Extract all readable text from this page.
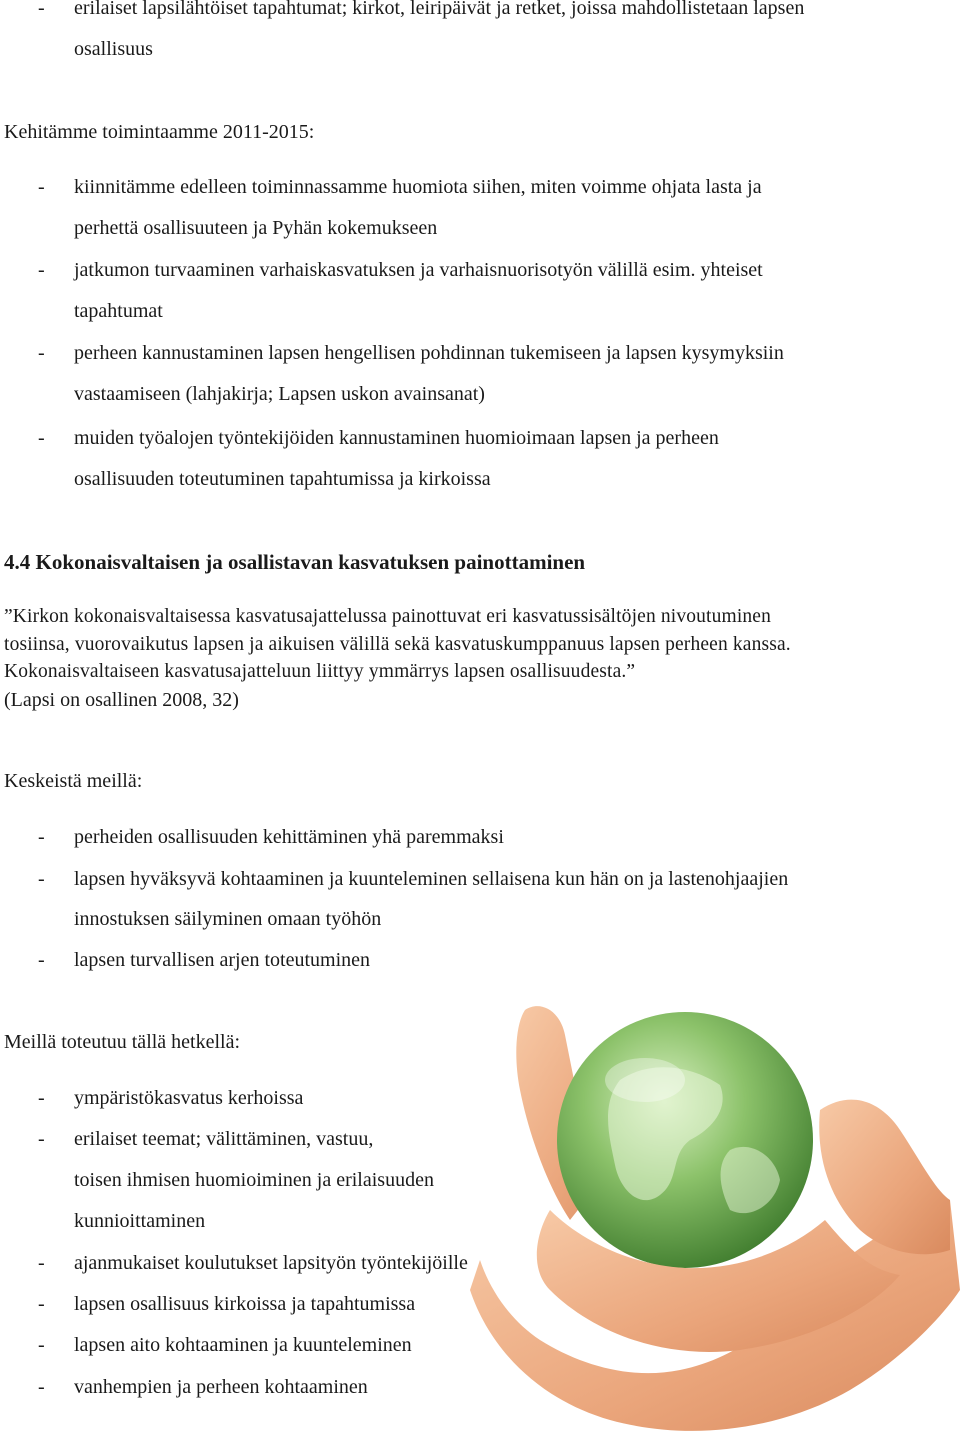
- erilaiset lapsilähtöiset tapahtumat; kirkot, leiripäivät ja retket, joissa mahdollistetaan lapsen
osallisuus
Kehitämme toimintaamme 2011-2015:
- kiinnitämme edelleen toiminnassamme huomiota siihen, miten voimme ohjata lasta ja
perhettä osallisuuteen ja Pyhän kokemukseen
- jatkumon turvaaminen varhaiskasvatuksen ja varhaisnuorisotyön välillä esim. yhteiset
tapahtumat
- perheen kannustaminen lapsen hengellisen pohdinnan tukemiseen ja lapsen kysymyksiin
vastaamiseen (lahjakirja; Lapsen uskon avainsanat)
- muiden työalojen työntekijöiden kannustaminen huomioimaan lapsen ja perheen
osallisuuden toteutuminen tapahtumissa ja kirkoissa
4.4 Kokonaisvaltaisen ja osallistavan kasvatuksen painottaminen
”Kirkon kokonaisvaltaisessa kasvatusajattelussa painottuvat eri kasvatussisältöjen nivoutuminen
tosiinsa, vuorovaikutus lapsen ja aikuisen välillä sekä kasvatuskumppanuus lapsen perheen kanssa.
Kokonaisvaltaiseen kasvatusajatteluun liittyy ymmärrys lapsen osallisuudesta.”
(Lapsi on osallinen 2008, 32)
Keskeistä meillä:
- perheiden osallisuuden kehittäminen yhä paremmaksi
- lapsen hyväksyvä kohtaaminen ja kuunteleminen sellaisena kun hän on ja lastenohjaajien
innostuksen säilyminen omaan työhön
- lapsen turvallisen arjen toteutuminen
Meillä toteutuu tällä hetkellä:
- ympäristökasvatus kerhoissa
- erilaiset teemat; välittäminen, vastuu,
toisen ihmisen huomioiminen ja erilaisuuden
kunnioittaminen
- ajanmukaiset koulutukset lapsityön työntekijöille
- lapsen osallisuus kirkoissa ja tapahtumissa
- lapsen aito kohtaaminen ja kuunteleminen
- vanhempien ja perheen kohtaaminen
